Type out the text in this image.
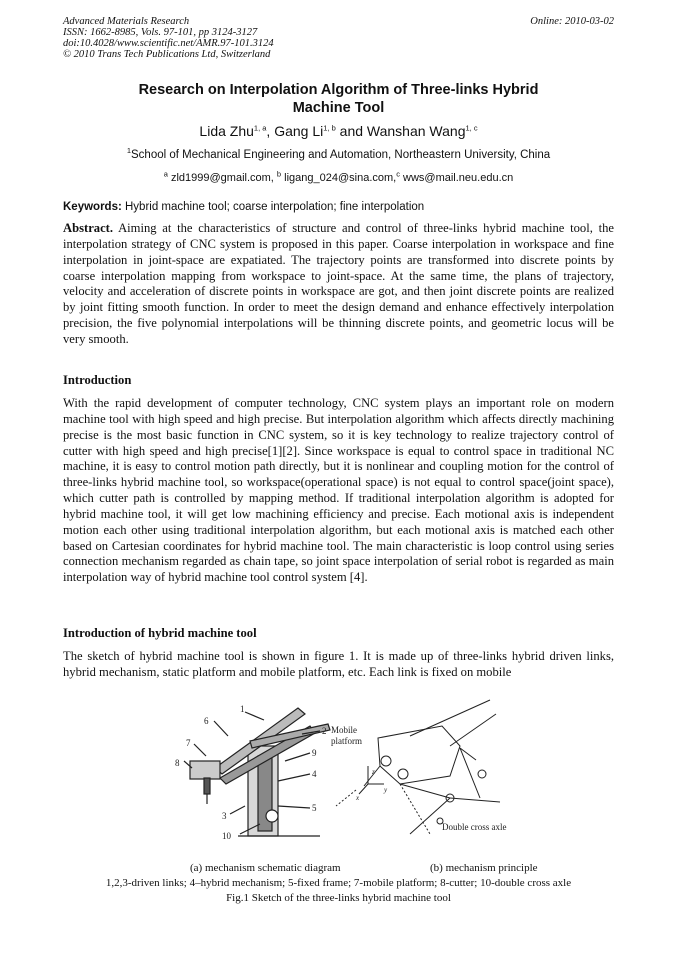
Advanced Materials Research
ISSN: 1662-8985, Vols. 97-101, pp 3124-3127
doi:10.4028/www.scientific.net/AMR.97-101.3124
© 2010 Trans Tech Publications Ltd, Switzerland
Online: 2010-03-02
Research on Interpolation Algorithm of Three-links Hybrid
Machine Tool
Lida Zhu$^{1, a}$, Gang Li$^{1, b}$ and Wanshan Wang$^{1, c}$
$^1$School of Mechanical Engineering and Automation, Northeastern University, China
$^a$ zld1999@gmail.com, $^b$ ligang_024@sina.com,$^c$ wws@mail.neu.edu.cn
Keywords: Hybrid machine tool; coarse interpolation; fine interpolation

Abstract. Aiming at the characteristics of structure and control of three-links hybrid machine tool, the interpolation strategy of CNC system is proposed in this paper. Coarse interpolation in workspace and fine interpolation in joint-space are expatiated. The trajectory points are transformed into discrete points by coarse interpolation mapping from workspace to joint-space. At the same time, the plans of trajectory, velocity and acceleration of discrete points in workspace are got, and then joint discrete points are realized by joint fitting smooth function. In order to meet the design demand and enhance effectively interpolation precision, the five polynomial interpolations will be thinning discrete points, and geometric locus will be very smooth.

Introduction

With the rapid development of computer technology, CNC system plays an important role on modern machine tool with high speed and high precise. But interpolation algorithm which affects directly machining precise is the most basic function in CNC system, so it is key technology to realize trajectory control of cutter with high speed and high precise[1][2]. Since workspace is equal to control space in traditional NC machine, it is easy to control motion path directly, but it is nonlinear and coupling motion for the control of three-links hybrid machine tool, so workspace(operational space) is not equal to control space(joint space), which cutter path is controlled by mapping method. If traditional interpolation algorithm is adopted for hybrid machine tool, it will get low machining efficiency and precise. Each motional axis is independent motion each other using traditional interpolation algorithm, but each motional axis is matched each other based on Cartesian coordinates for hybrid machine tool. The main characteristic is loop control using series connection mechanism regarded as chain tape, so joint space interpolation of serial robot is regarded as main interpolation way of hybrid machine tool control system [4].

Introduction of hybrid machine tool

The sketch of hybrid machine tool is shown in figure 1. It is made up of three-links hybrid driven links, hybrid mechanism, static platform and mobile platform, etc. Each link is fixed on mobile

z
y
x
1
6
7
8
2
9
4
5
3
10
Mobile platform
Double cross axle
(a) mechanism schematic diagram	(b) mechanism principle
1,2,3-driven links; 4–hybrid mechanism; 5-fixed frame; 7-mobile platform; 8-cutter; 10-double cross axle
Fig.1 Sketch of the three-links hybrid machine tool
